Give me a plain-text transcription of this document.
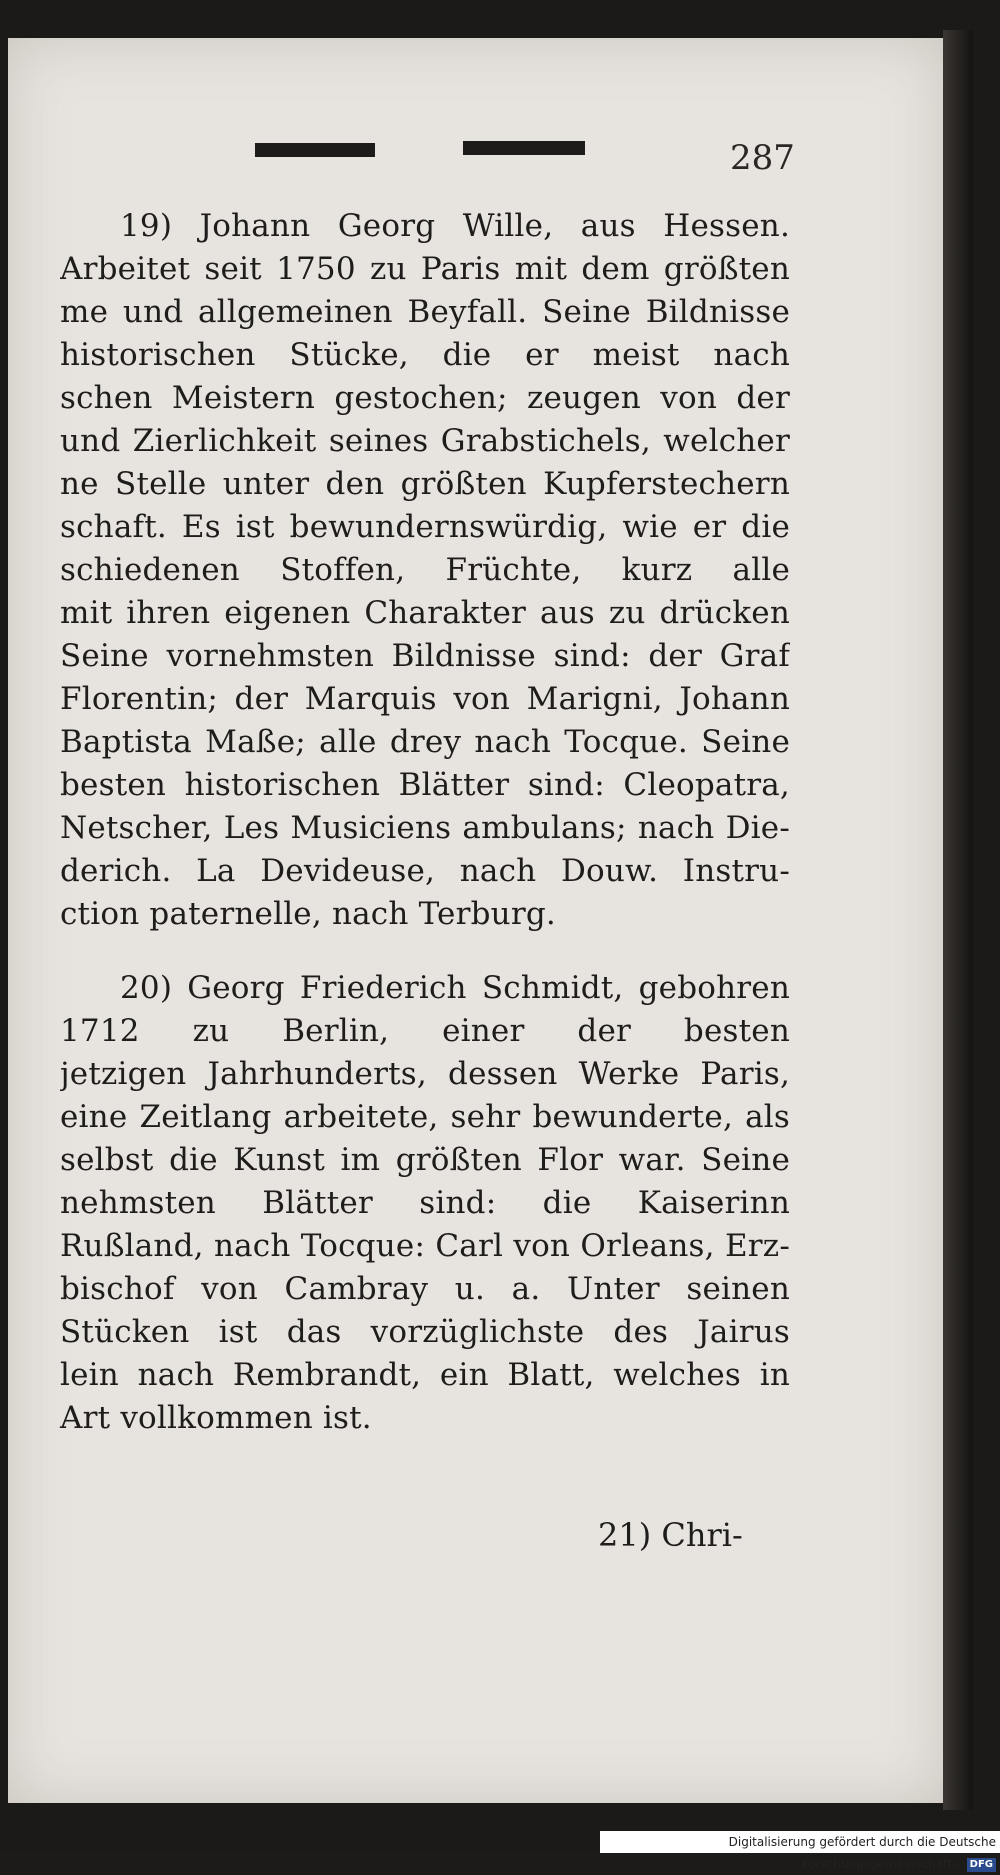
287
19) Johann Georg Wille, aus Hessen.
Arbeitet seit 1750 zu Paris mit dem größten
me und allgemeinen Beyfall. Seine Bildnisse
historischen Stücke, die er meist nach
schen Meistern gestochen; zeugen von der
und Zierlichkeit seines Grabstichels, welcher
ne Stelle unter den größten Kupferstechern
schaft. Es ist bewundernswürdig, wie er die
schiedenen Stoffen, Früchte, kurz alle
mit ihren eigenen Charakter aus zu drücken
Seine vornehmsten Bildnisse sind: der Graf
Florentin; der Marquis von Marigni, Johann
Baptista Maße; alle drey nach Tocque. Seine
besten historischen Blätter sind: Cleopatra,
Netscher, Les Musiciens ambulans; nach Die-
derich. La Devideuse, nach Douw. Instru-
ction paternelle, nach Terburg.
20) Georg Friederich Schmidt, gebohren
1712 zu Berlin, einer der besten
jetzigen Jahrhunderts, dessen Werke Paris,
eine Zeitlang arbeitete, sehr bewunderte, als
selbst die Kunst im größten Flor war. Seine
nehmsten Blätter sind: die Kaiserinn
Rußland, nach Tocque: Carl von Orleans, Erz-
bischof von Cambray u. a. Unter seinen
Stücken ist das vorzüglichste des Jairus
lein nach Rembrandt, ein Blatt, welches in
Art vollkommen ist.
21) Chri-
Digitalisierung gefördert durch die Deutsche Forschungsgemeinschaft - DFG
